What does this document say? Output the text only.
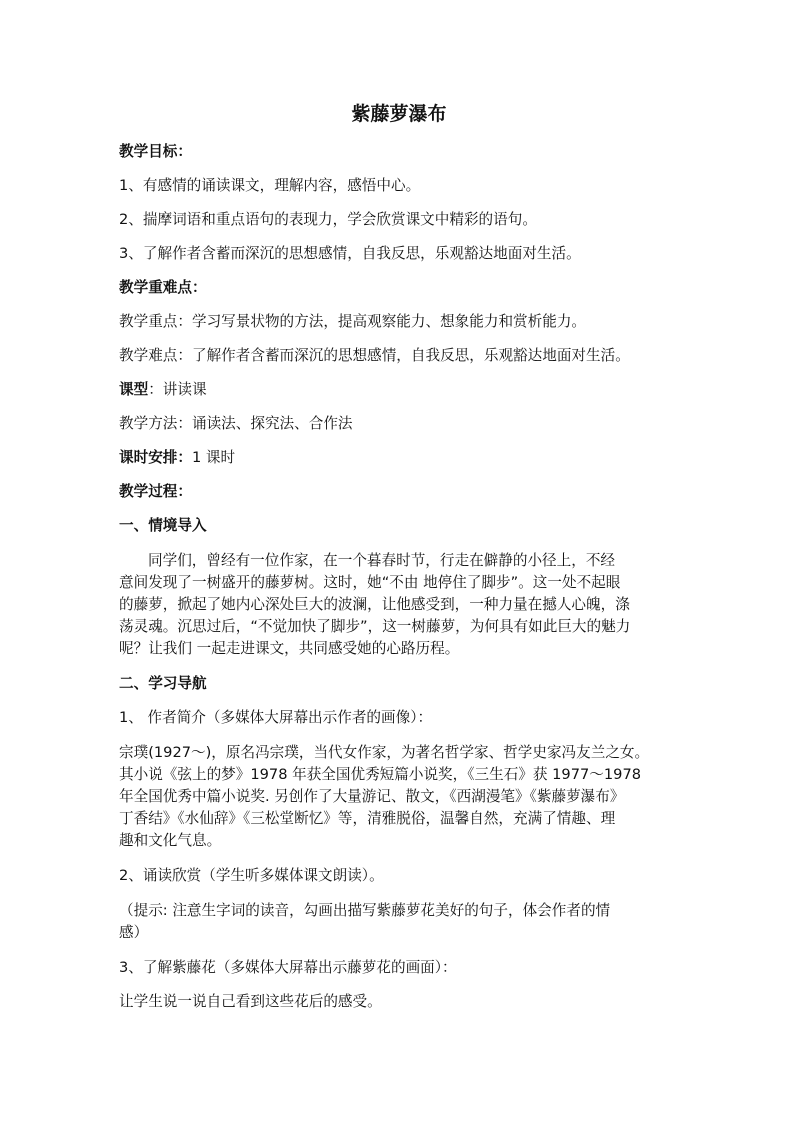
紫藤萝瀑布
教学目标：
1、有感情的诵读课文，理解内容，感悟中心。
2、揣摩词语和重点语句的表现力，学会欣赏课文中精彩的语句。
3、了解作者含蓄而深沉的思想感情，自我反思，乐观豁达地面对生活。
教学重难点：
教学重点：学习写景状物的方法，提高观察能力、想象能力和赏析能力。
教学难点：了解作者含蓄而深沉的思想感情，自我反思，乐观豁达地面对生活。
课型：讲读课
教学方法：诵读法、探究法、合作法
课时安排：1 课时
教学过程：
一、情境导入
同学们，曾经有一位作家，在一个暮春时节，行走在僻静的小径上，不经
意间发现了一树盛开的藤萝树。这时，她“不由 地停住了脚步”。这一处不起眼
的藤萝，掀起了她内心深处巨大的波澜，让他感受到，一种力量在撼人心魄，涤
荡灵魂。沉思过后，“不觉加快了脚步”，这一树藤萝，为何具有如此巨大的魅力
呢？让我们 一起走进课文，共同感受她的心路历程。
二、学习导航
1、 作者简介（多媒体大屏幕出示作者的画像）：
宗璞(1927～)，原名冯宗璞，当代女作家，为著名哲学家、哲学史家冯友兰之女。
其小说《弦上的梦》1978 年获全国优秀短篇小说奖，《三生石》获 1977～1978
年全国优秀中篇小说奖. 另创作了大量游记、散文，《西湖漫笔》《紫藤萝瀑布》
丁香结》《水仙辞》《三松堂断忆》等，清雅脱俗，温馨自然，充满了情趣、理
趣和文化气息。
2、诵读欣赏（学生听多媒体课文朗读）。
（提示: 注意生字词的读音，勾画出描写紫藤萝花美好的句子，体会作者的情
感）
3、了解紫藤花（多媒体大屏幕出示藤萝花的画面）：
让学生说一说自己看到这些花后的感受。
